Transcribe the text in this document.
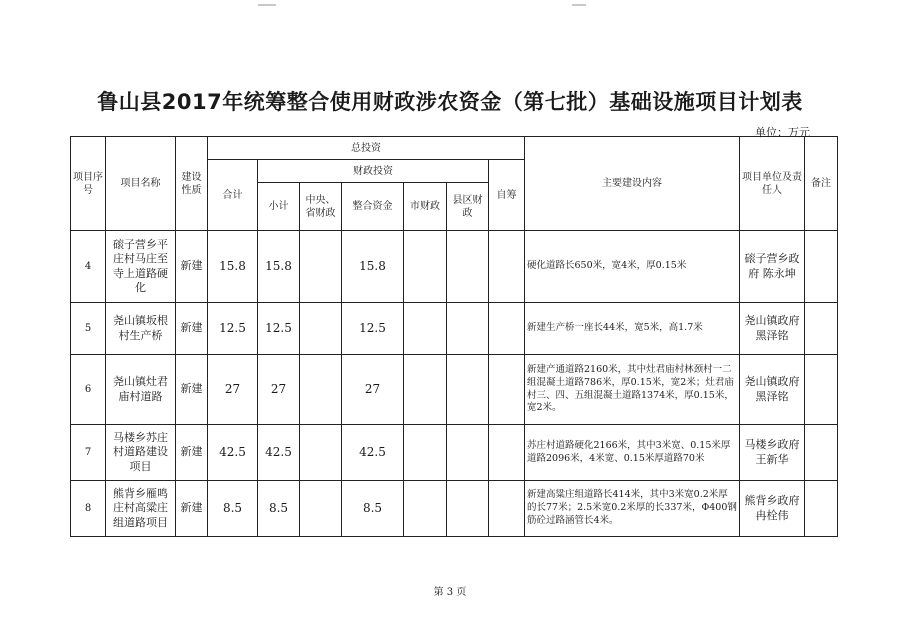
鲁山县2017年统筹整合使用财政涉农资金（第七批）基础设施项目计划表
单位：万元
项目序号	项目名称	建设性质	总投资							主要建设内容	项目单位及责任人	备注
			合计	财政投资					自筹			
				小计	中央、省财政	整合资金	市财政	县区财政				
4	磙子营乡平庄村马庄至寺上道路硬化	新建	15.8	15.8		15.8				硬化道路长650米，宽4米，厚0.15米	磙子营乡政府 陈永坤	
5	尧山镇坂根村生产桥	新建	12.5	12.5		12.5				新建生产桥一座长44米，宽5米，高1.7米	尧山镇政府 黑泽铭	
6	尧山镇灶君庙村道路	新建	27	27		27				新建产通道路2160米，其中灶君庙村林颈村一二组混凝土道路786米，厚0.15米，宽2米；灶君庙村三、四、五组混凝土道路1374米，厚0.15米，宽2米。	尧山镇政府 黑泽铭	
7	马楼乡苏庄村道路建设项目	新建	42.5	42.5		42.5				苏庄村道路硬化2166米，其中3米宽、0.15米厚道路2096米，4米宽、0.15米厚道路70米	马楼乡政府 王新华	
8	熊背乡雁鸣庄村高粱庄组道路项目	新建	8.5	8.5		8.5				新建高粱庄组道路长414米，其中3米宽0.2米厚的长77米；2.5米宽0.2米厚的长337米，Φ400钢筋砼过路涵管长4米。	熊背乡政府 冉栓伟	
第 3 页
